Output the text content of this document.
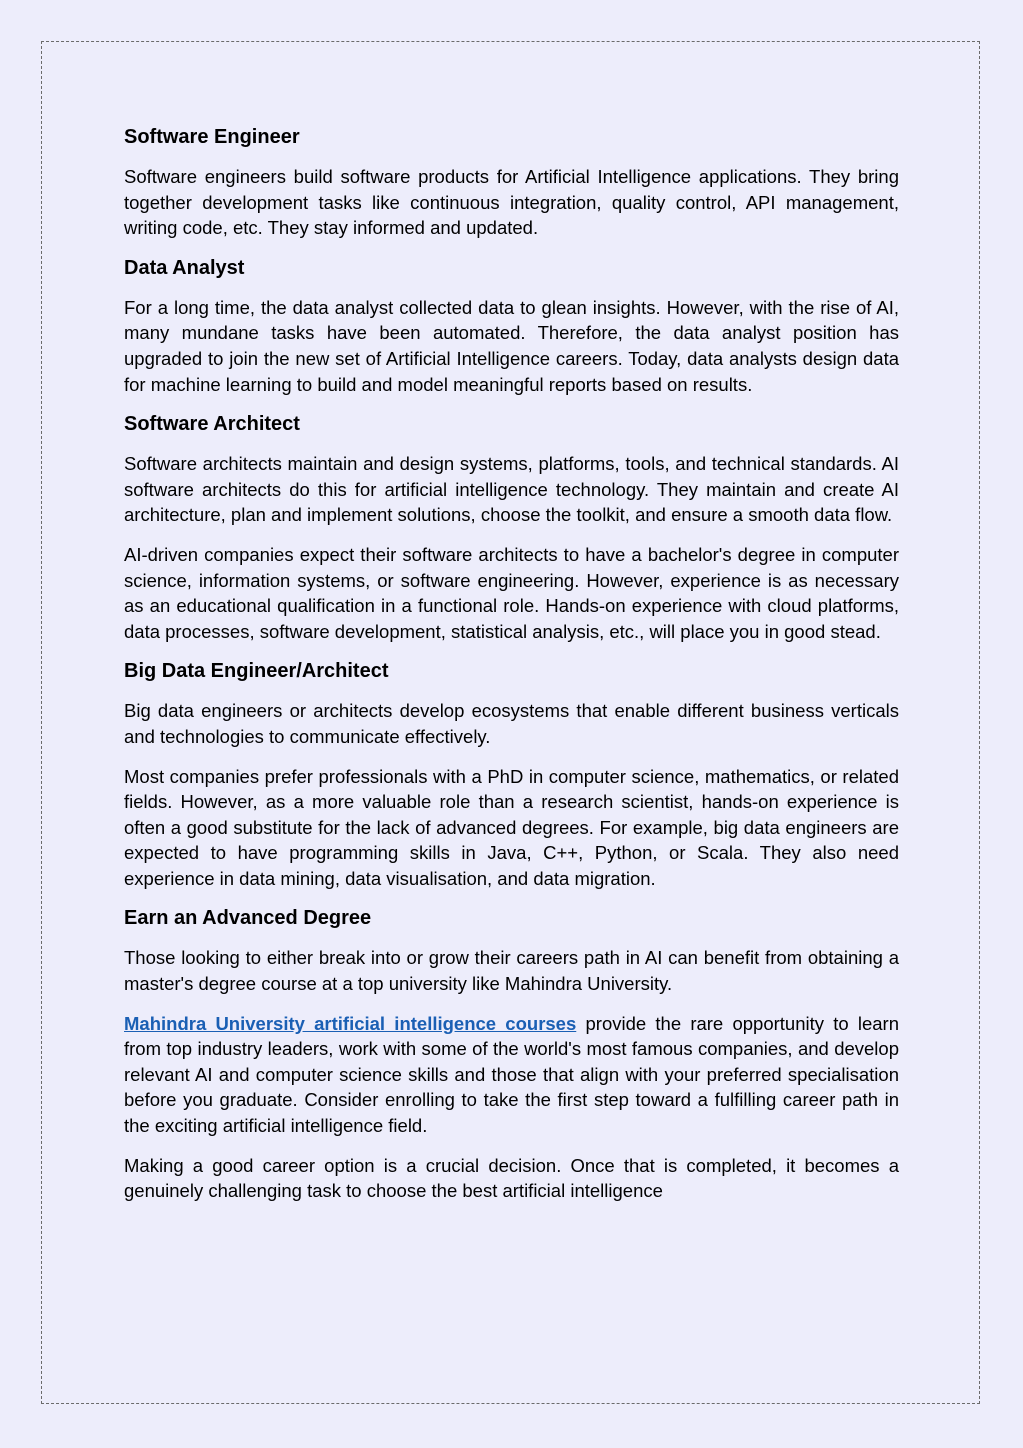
Software Engineer

Software engineers build software products for Artificial Intelligence applications. They bring together development tasks like continuous integration, quality control, API management, writing code, etc. They stay informed and updated.

Data Analyst

For a long time, the data analyst collected data to glean insights. However, with the rise of AI, many mundane tasks have been automated. Therefore, the data analyst position has upgraded to join the new set of Artificial Intelligence careers. Today, data analysts design data for machine learning to build and model meaningful reports based on results.

Software Architect

Software architects maintain and design systems, platforms, tools, and technical standards. AI software architects do this for artificial intelligence technology. They maintain and create AI architecture, plan and implement solutions, choose the toolkit, and ensure a smooth data flow.

AI-driven companies expect their software architects to have a bachelor's degree in computer science, information systems, or software engineering. However, experience is as necessary as an educational qualification in a functional role. Hands-on experience with cloud platforms, data processes, software development, statistical analysis, etc., will place you in good stead.

Big Data Engineer/Architect

Big data engineers or architects develop ecosystems that enable different business verticals and technologies to communicate effectively.

Most companies prefer professionals with a PhD in computer science, mathematics, or related fields. However, as a more valuable role than a research scientist, hands-on experience is often a good substitute for the lack of advanced degrees. For example, big data engineers are expected to have programming skills in Java, C++, Python, or Scala. They also need experience in data mining, data visualisation, and data migration.

Earn an Advanced Degree

Those looking to either break into or grow their careers path in AI can benefit from obtaining a master's degree course at a top university like Mahindra University.

Mahindra University artificial intelligence courses provide the rare opportunity to learn from top industry leaders, work with some of the world's most famous companies, and develop relevant AI and computer science skills and those that align with your preferred specialisation before you graduate. Consider enrolling to take the first step toward a fulfilling career path in the exciting artificial intelligence field.

Making a good career option is a crucial decision. Once that is completed, it becomes a genuinely challenging task to choose the best artificial intelligence
